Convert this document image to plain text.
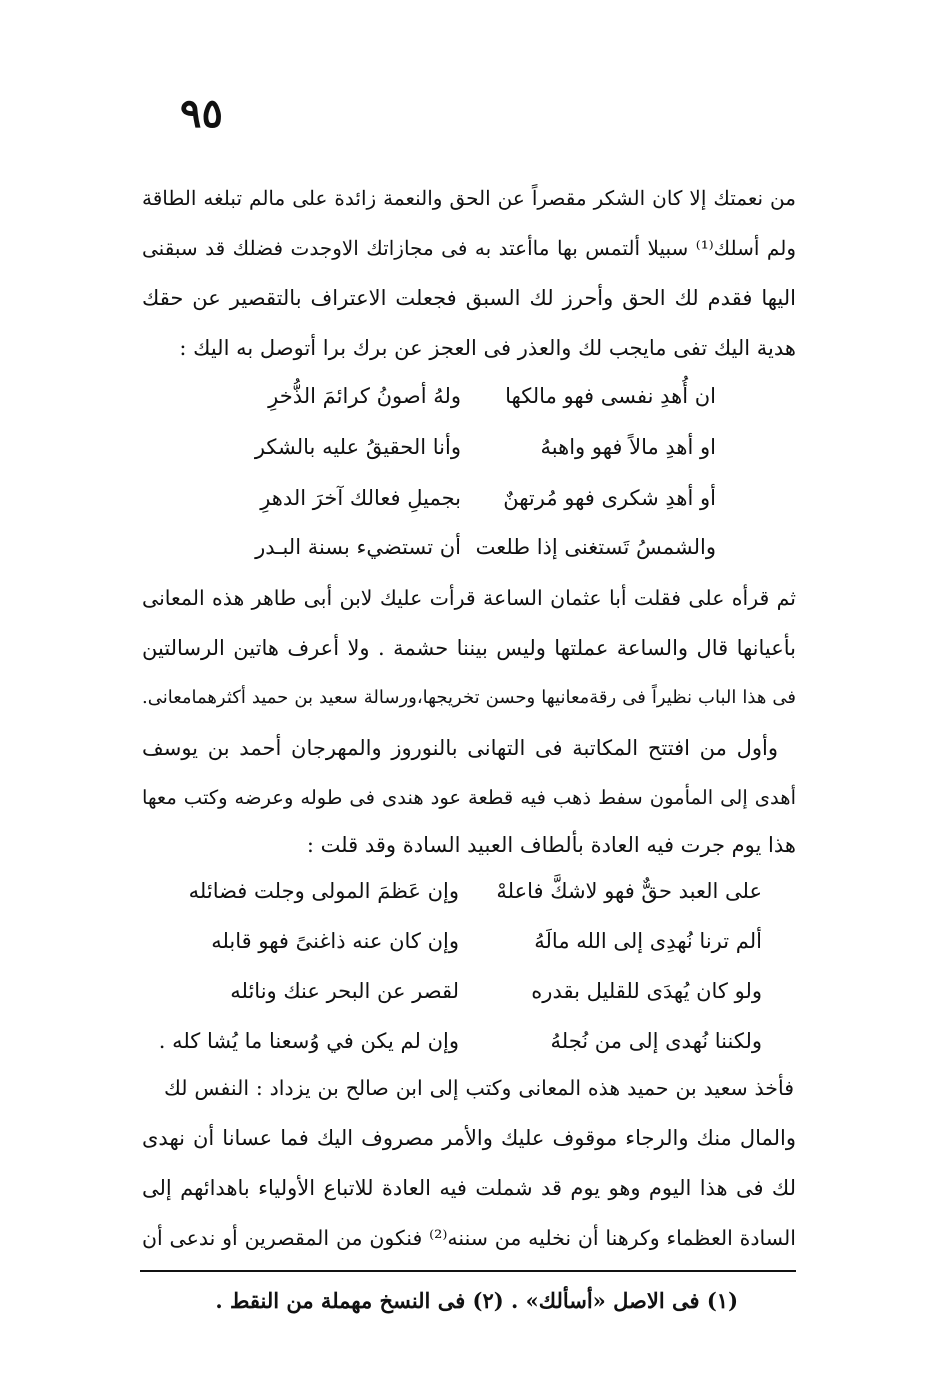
٩٥
من نعمتك إلا كان الشكر مقصراً عن الحق والنعمة زائدة على مالم تبلغه الطاقة
ولم أسلك⁽¹⁾ سبيلا ألتمس بها ماأعتد به فى مجازاتك الاوجدت فضلك قد سبقنى
اليها فقدم لك الحق وأحرز لك السبق فجعلت الاعتراف بالتقصير عن حقك
هدية اليك تفى مايجب لك والعذر فى العجز عن برك برا أتوصل به اليك :
ان أُهدِ نفسى فهو مالكها
ولهُ أصونُ كرائمَ الذُّخرِ
او أهدِ مالاً فهو واهبهُ
وأنا الحقيقُ عليه بالشكر
أو أهدِ شكرى فهو مُرتهنٌ
بجميلِ فعالك آخرَ الدهرِ
والشمسُ تَستغنى إذا طلعت
أن تستضيء بسنة البـدر
ثم قرأه على فقلت أبا عثمان الساعة قرأت عليك لابن أبى طاهر هذه المعانى
بأعيانها قال والساعة عملتها وليس بيننا حشمة . ولا أعرف هاتين الرسالتين
فى هذا الباب نظيراً فى رقةمعانيها وحسن تخريجها،ورسالة سعيد بن حميد أكثرهمامعانى.
وأول من افتتح المكاتبة فى التهانى بالنوروز والمهرجان أحمد بن يوسف
أهدى إلى المأمون سفط ذهب فيه قطعة عود هندى فى طوله وعرضه وكتب معها
هذا يوم جرت فيه العادة بألطاف العبيد السادة وقد قلت :
على العبد حقٌّ فهو لاشكَّ فاعلهْ
وإن عَظمَ المولى وجلت فضائله
ألم ترنا نُهدِى إلى الله مالَهُ
وإن كان عنه ذاغنىً فهو قابله
ولو كان يُهدَى للقليل بقدره
لقصر عن البحر عنك ونائله
ولكننا نُهدى إلى من نُجلهُ
وإن لم يكن في وُسعنا ما يُشا كله .
فأخذ سعيد بن حميد هذه المعانى وكتب إلى ابن صالح بن يزداد : النفس لك
والمال منك والرجاء موقوف عليك والأمر مصروف اليك فما عسانا أن نهدى
لك فى هذا اليوم وهو يوم قد شملت فيه العادة للاتباع الأولياء باهدائهم إلى
السادة العظماء وكرهنا أن نخليه من سننه⁽²⁾ فنكون من المقصرين أو ندعى أن
(١) فى الاصل «أسألك» . (٢) فى النسخ مهملة من النقط .
